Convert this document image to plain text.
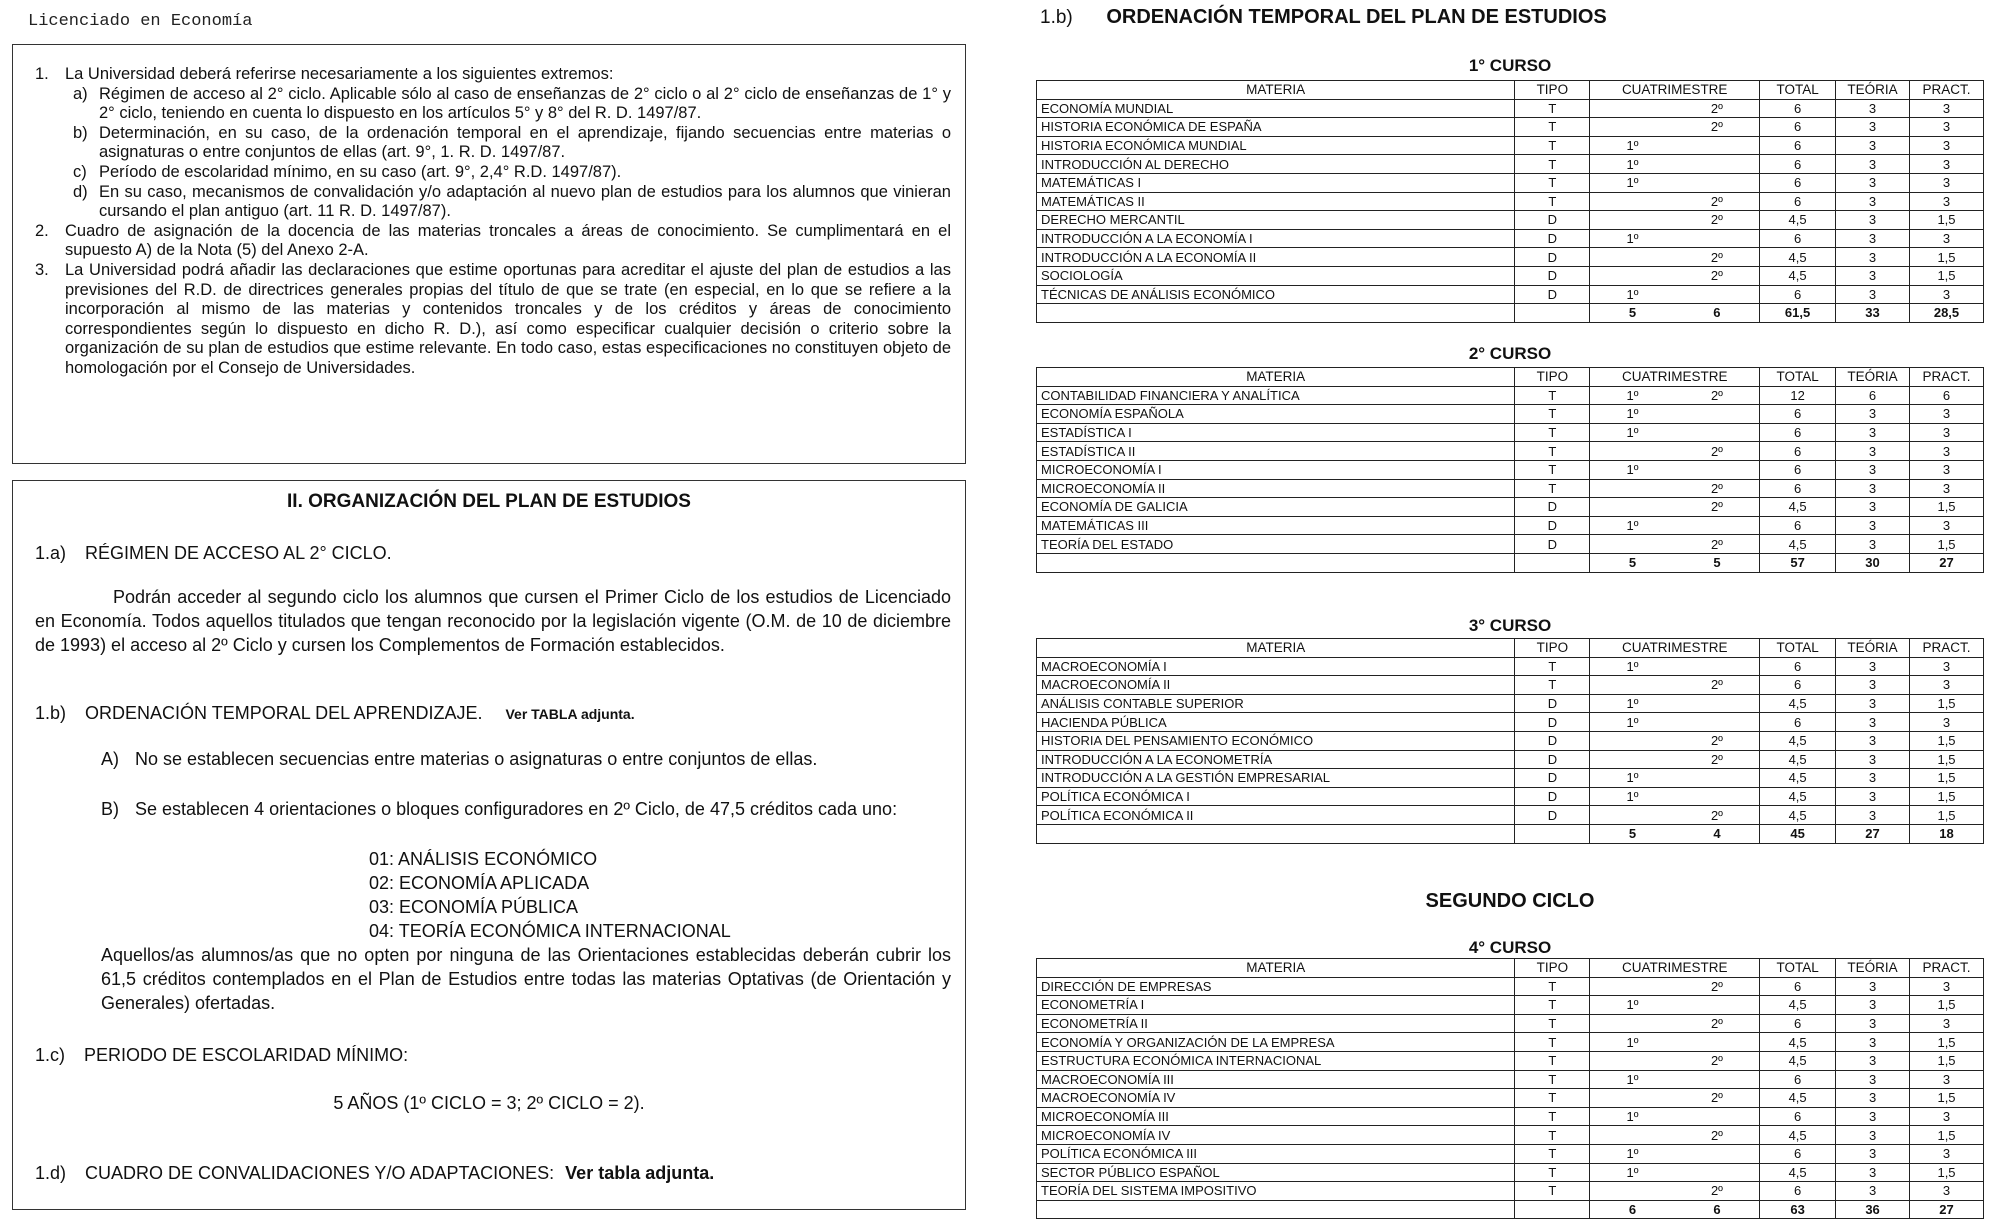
Licenciado en Economía
1. La Universidad deberá referirse necesariamente a los siguientes extremos:
a) Régimen de acceso al 2° ciclo. Aplicable sólo al caso de enseñanzas de 2° ciclo o al 2° ciclo de enseñanzas de 1° y 2° ciclo, teniendo en cuenta lo dispuesto en los artículos 5° y 8° del R. D. 1497/87.
b) Determinación, en su caso, de la ordenación temporal en el aprendizaje, fijando secuencias entre materias o asignaturas o entre conjuntos de ellas (art. 9°, 1. R. D. 1497/87.
c) Período de escolaridad mínimo, en su caso (art. 9°, 2,4° R.D. 1497/87).
d) En su caso, mecanismos de convalidación y/o adaptación al nuevo plan de estudios para los alumnos que vinieran cursando el plan antiguo (art. 11 R. D. 1497/87).
2. Cuadro de asignación de la docencia de las materias troncales a áreas de conocimiento. Se cumplimentará en el supuesto A) de la Nota (5) del Anexo 2-A.
3. La Universidad podrá añadir las declaraciones que estime oportunas para acreditar el ajuste del plan de estudios a las previsiones del R.D. de directrices generales propias del título de que se trate (en especial, en lo que se refiere a la incorporación al mismo de las materias y contenidos troncales y de los créditos y áreas de conocimiento correspondientes según lo dispuesto en dicho R. D.), así como especificar cualquier decisión o criterio sobre la organización de su plan de estudios que estime relevante. En todo caso, estas especificaciones no constituyen objeto de homologación por el Consejo de Universidades.
II. ORGANIZACIÓN DEL PLAN DE ESTUDIOS
1.a) RÉGIMEN DE ACCESO AL 2° CICLO.
Podrán acceder al segundo ciclo los alumnos que cursen el Primer Ciclo de los estudios de Licenciado en Economía. Todos aquellos titulados que tengan reconocido por la legislación vigente (O.M. de 10 de diciembre de 1993) el acceso al 2º Ciclo y cursen los Complementos de Formación establecidos.
1.b) ORDENACIÓN TEMPORAL DEL APRENDIZAJE. Ver TABLA adjunta.
A) No se establecen secuencias entre materias o asignaturas o entre conjuntos de ellas.
B) Se establecen 4 orientaciones o bloques configuradores en 2º Ciclo, de 47,5 créditos cada uno:
01: ANÁLISIS ECONÓMICO
02: ECONOMÍA APLICADA
03: ECONOMÍA PÚBLICA
04: TEORÍA ECONÓMICA INTERNACIONAL
Aquellos/as alumnos/as que no opten por ninguna de las Orientaciones establecidas deberán cubrir los 61,5 créditos contemplados en el Plan de Estudios entre todas las materias Optativas (de Orientación y Generales) ofertadas.
1.c) PERIODO DE ESCOLARIDAD MÍNIMO:
5 AÑOS (1º CICLO = 3; 2º CICLO = 2).
1.d) CUADRO DE CONVALIDACIONES Y/O ADAPTACIONES: Ver tabla adjunta.
1.b) ORDENACIÓN TEMPORAL DEL PLAN DE ESTUDIOS
1° CURSO
MATERIA	TIPO	CUATRIMESTRE		TOTAL	TEÓRIA	PRACT.
ECONOMÍA MUNDIAL	T		2º	6	3	3
HISTORIA ECONÓMICA DE ESPAÑA	T		2º	6	3	3
HISTORIA ECONÓMICA MUNDIAL	T	1º		6	3	3
INTRODUCCIÓN AL DERECHO	T	1º		6	3	3
MATEMÁTICAS I	T	1º		6	3	3
MATEMÁTICAS II	T		2º	6	3	3
DERECHO MERCANTIL	D		2º	4,5	3	1,5
INTRODUCCIÓN A LA ECONOMÍA I	D	1º		6	3	3
INTRODUCCIÓN A LA ECONOMÍA II	D		2º	4,5	3	1,5
SOCIOLOGÍA	D		2º	4,5	3	1,5
TÉCNICAS DE ANÁLISIS ECONÓMICO	D	1º		6	3	3
		5	6	61,5	33	28,5
2° CURSO
MATERIA	TIPO	CUATRIMESTRE		TOTAL	TEÓRIA	PRACT.
CONTABILIDAD FINANCIERA Y ANALÍTICA	T	1º	2º	12	6	6
ECONOMÍA ESPAÑOLA	T	1º		6	3	3
ESTADÍSTICA I	T	1º		6	3	3
ESTADÍSTICA II	T		2º	6	3	3
MICROECONOMÍA I	T	1º		6	3	3
MICROECONOMÍA II	T		2º	6	3	3
ECONOMÍA DE GALICIA	D		2º	4,5	3	1,5
MATEMÁTICAS III	D	1º		6	3	3
TEORÍA DEL ESTADO	D		2º	4,5	3	1,5
		5	5	57	30	27
3° CURSO
MATERIA	TIPO	CUATRIMESTRE		TOTAL	TEÓRIA	PRACT.
MACROECONOMÍA I	T	1º		6	3	3
MACROECONOMÍA II	T		2º	6	3	3
ANÁLISIS CONTABLE SUPERIOR	D	1º		4,5	3	1,5
HACIENDA PÚBLICA	D	1º		6	3	3
HISTORIA DEL PENSAMIENTO ECONÓMICO	D		2º	4,5	3	1,5
INTRODUCCIÓN A LA ECONOMETRÍA	D		2º	4,5	3	1,5
INTRODUCCIÓN A LA GESTIÓN EMPRESARIAL	D	1º		4,5	3	1,5
POLÍTICA ECONÓMICA I	D	1º		4,5	3	1,5
POLÍTICA ECONÓMICA II	D		2º	4,5	3	1,5
		5	4	45	27	18
SEGUNDO CICLO
4° CURSO
MATERIA	TIPO	CUATRIMESTRE		TOTAL	TEÓRIA	PRACT.
DIRECCIÓN DE EMPRESAS	T		2º	6	3	3
ECONOMETRÍA I	T	1º		4,5	3	1,5
ECONOMETRÍA II	T		2º	6	3	3
ECONOMÍA Y ORGANIZACIÓN DE LA EMPRESA	T	1º		4,5	3	1,5
ESTRUCTURA ECONÓMICA INTERNACIONAL	T		2º	4,5	3	1,5
MACROECONOMÍA III	T	1º		6	3	3
MACROECONOMÍA IV	T		2º	4,5	3	1,5
MICROECONOMÍA III	T	1º		6	3	3
MICROECONOMÍA IV	T		2º	4,5	3	1,5
POLÍTICA ECONÓMICA III	T	1º		6	3	3
SECTOR PÚBLICO ESPAÑOL	T	1º		4,5	3	1,5
TEORÍA DEL SISTEMA IMPOSITIVO	T		2º	6	3	3
		6	6	63	36	27
